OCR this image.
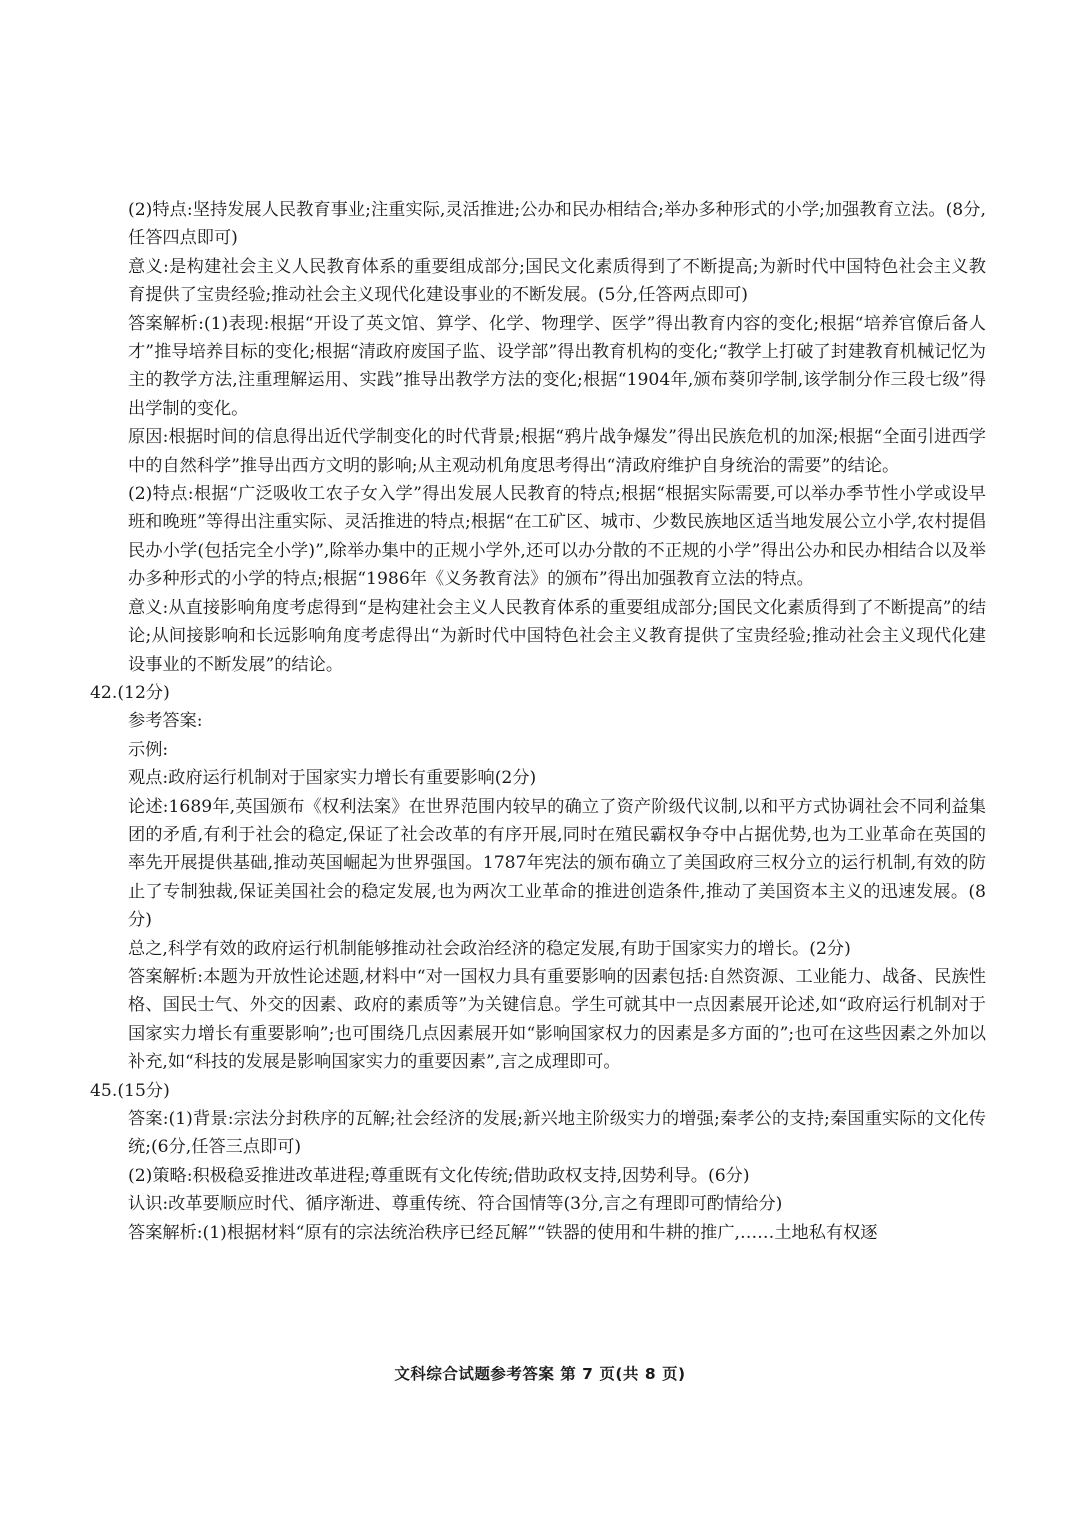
(2)特点:坚持发展人民教育事业;注重实际,灵活推进;公办和民办相结合;举办多种形式的小学;加强教育立法。(8分,任答四点即可)

意义:是构建社会主义人民教育体系的重要组成部分;国民文化素质得到了不断提高;为新时代中国特色社会主义教育提供了宝贵经验;推动社会主义现代化建设事业的不断发展。(5分,任答两点即可)

答案解析:(1)表现:根据“开设了英文馆、算学、化学、物理学、医学”得出教育内容的变化;根据“培养官僚后备人才”推导培养目标的变化;根据“清政府废国子监、设学部”得出教育机构的变化;“教学上打破了封建教育机械记忆为主的教学方法,注重理解运用、实践”推导出教学方法的变化;根据“1904年,颁布葵卯学制,该学制分作三段七级”得出学制的变化。

原因:根据时间的信息得出近代学制变化的时代背景;根据“鸦片战争爆发”得出民族危机的加深;根据“全面引进西学中的自然科学”推导出西方文明的影响;从主观动机角度思考得出“清政府维护自身统治的需要”的结论。

(2)特点:根据“广泛吸收工农子女入学”得出发展人民教育的特点;根据“根据实际需要,可以举办季节性小学或设早班和晚班”等得出注重实际、灵活推进的特点;根据“在工矿区、城市、少数民族地区适当地发展公立小学,农村提倡民办小学(包括完全小学)”,除举办集中的正规小学外,还可以办分散的不正规的小学”得出公办和民办相结合以及举办多种形式的小学的特点;根据“1986年《义务教育法》的颁布”得出加强教育立法的特点。

意义:从直接影响角度考虑得到“是构建社会主义人民教育体系的重要组成部分;国民文化素质得到了不断提高”的结论;从间接影响和长远影响角度考虑得出“为新时代中国特色社会主义教育提供了宝贵经验;推动社会主义现代化建设事业的不断发展”的结论。

42.(12分)

参考答案:

示例:

观点:政府运行机制对于国家实力增长有重要影响(2分)

论述:1689年,英国颁布《权利法案》在世界范围内较早的确立了资产阶级代议制,以和平方式协调社会不同利益集团的矛盾,有利于社会的稳定,保证了社会改革的有序开展,同时在殖民霸权争夺中占据优势,也为工业革命在英国的率先开展提供基础,推动英国崛起为世界强国。1787年宪法的颁布确立了美国政府三权分立的运行机制,有效的防止了专制独裁,保证美国社会的稳定发展,也为两次工业革命的推进创造条件,推动了美国资本主义的迅速发展。(8分)

总之,科学有效的政府运行机制能够推动社会政治经济的稳定发展,有助于国家实力的增长。(2分)

答案解析:本题为开放性论述题,材料中“对一国权力具有重要影响的因素包括:自然资源、工业能力、战备、民族性格、国民士气、外交的因素、政府的素质等”为关键信息。学生可就其中一点因素展开论述,如“政府运行机制对于国家实力增长有重要影响”;也可围绕几点因素展开如“影响国家权力的因素是多方面的”;也可在这些因素之外加以补充,如“科技的发展是影响国家实力的重要因素”,言之成理即可。

45.(15分)

答案:(1)背景:宗法分封秩序的瓦解;社会经济的发展;新兴地主阶级实力的增强;秦孝公的支持;秦国重实际的文化传统;(6分,任答三点即可)

(2)策略:积极稳妥推进改革进程;尊重既有文化传统;借助政权支持,因势利导。(6分)

认识:改革要顺应时代、循序渐进、尊重传统、符合国情等(3分,言之有理即可酌情给分)

答案解析:(1)根据材料“原有的宗法统治秩序已经瓦解”“铁器的使用和牛耕的推广,……土地私有权逐

文科综合试题参考答案 第 7 页(共 8 页)
